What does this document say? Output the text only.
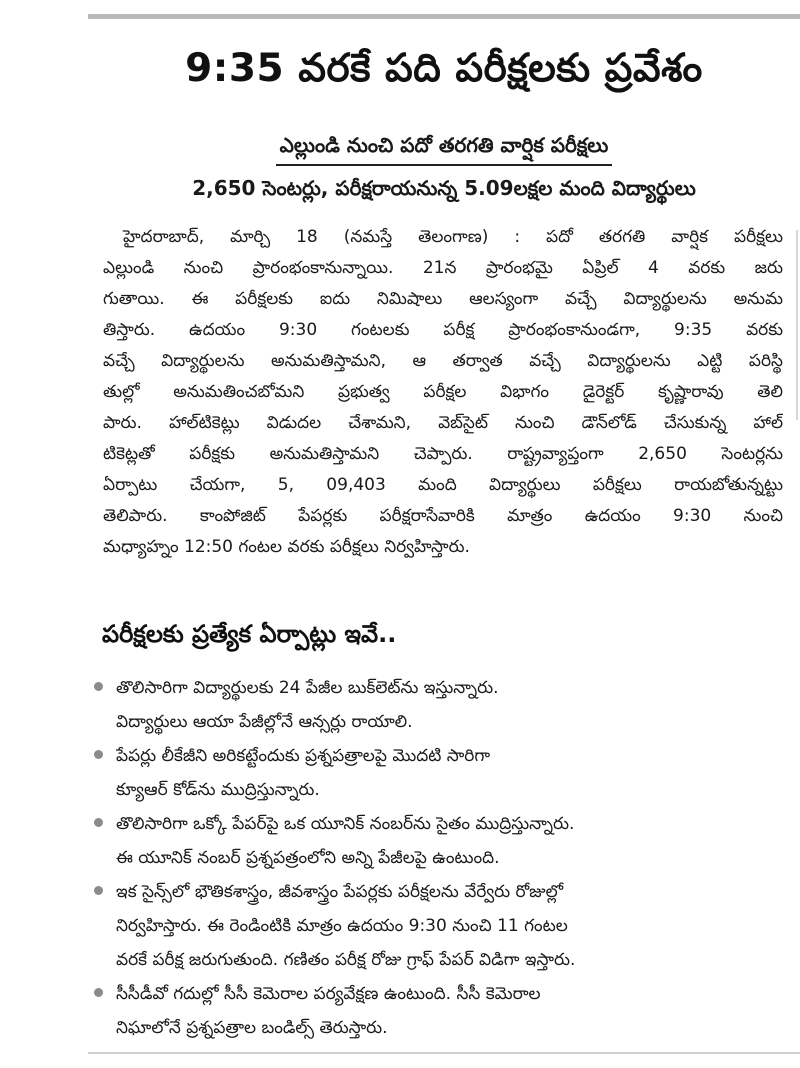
9:35 వరకే పది పరీక్షలకు ప్రవేశం
ఎల్లుండి నుంచి పదో తరగతి వార్షిక పరీక్షలు
2,650 సెంటర్లు, పరీక్షరాయనున్న 5.09లక్షల మంది విద్యార్థులు
హైదరాబాద్, మార్చి 18 (నమస్తే తెలంగాణ) : పదో తరగతి వార్షిక పరీక్షలు
ఎల్లుండి నుంచి ప్రారంభంకానున్నాయి. 21న ప్రారంభమై ఏప్రిల్ 4 వరకు జరు
గుతాయి. ఈ పరీక్షలకు ఐదు నిమిషాలు ఆలస్యంగా వచ్చే విద్యార్థులను అనుమ
తిస్తారు. ఉదయం 9:30 గంటలకు పరీక్ష ప్రారంభంకానుండగా, 9:35 వరకు
వచ్చే విద్యార్థులను అనుమతిస్తామని, ఆ తర్వాత వచ్చే విద్యార్థులను ఎట్టి పరిస్థి
తుల్లో అనుమతించబోమని ప్రభుత్వ పరీక్షల విభాగం డైరెక్టర్ కృష్ణారావు తెలి
పారు. హాల్‌టికెట్లు విడుదల చేశామని, వెబ్‌సైట్ నుంచి డౌన్‌లోడ్ చేసుకున్న హాల్
టికెట్లతో పరీక్షకు అనుమతిస్తామని చెప్పారు. రాష్ట్రవ్యాప్తంగా 2,650 సెంటర్లను
ఏర్పాటు చేయగా, 5, 09,403 మంది విద్యార్థులు పరీక్షలు రాయబోతున్నట్టు
తెలిపారు. కాంపోజిట్ పేపర్లకు పరీక్షరాసేవారికి మాత్రం ఉదయం 9:30 నుంచి
మధ్యాహ్నం 12:50 గంటల వరకు పరీక్షలు నిర్వహిస్తారు.
పరీక్షలకు ప్రత్యేక ఏర్పాట్లు ఇవే..
తొలిసారిగా విద్యార్థులకు 24 పేజీల బుక్‌లెట్‌ను ఇస్తున్నారు.
విద్యార్థులు ఆయా పేజీల్లోనే ఆన్సర్లు రాయాలి.
పేపర్లు లీకేజీని అరికట్టేందుకు ప్రశ్నపత్రాలపై మొదటి సారిగా
క్యూఆర్ కోడ్‌ను ముద్రిస్తున్నారు.
తొలిసారిగా ఒక్కో పేపర్‌పై ఒక యూనిక్ నంబర్‌ను సైతం ముద్రిస్తున్నారు.
ఈ యూనిక్ నంబర్ ప్రశ్నపత్రంలోని అన్ని పేజీలపై ఉంటుంది.
ఇక సైన్స్‌లో భౌతికశాస్త్రం, జీవశాస్త్రం పేపర్లకు పరీక్షలను వేర్వేరు రోజుల్లో
నిర్వహిస్తారు. ఈ రెండింటికి మాత్రం ఉదయం 9:30 నుంచి 11 గంటల
వరకే పరీక్ష జరుగుతుంది. గణితం పరీక్ష రోజు గ్రాఫ్ పేపర్ విడిగా ఇస్తారు.
సీసీడీవో గదుల్లో సీసీ కెమెరాల పర్యవేక్షణ ఉంటుంది. సీసీ కెమెరాల
నిఘాలోనే ప్రశ్నపత్రాల బండిల్స్ తెరుస్తారు.
